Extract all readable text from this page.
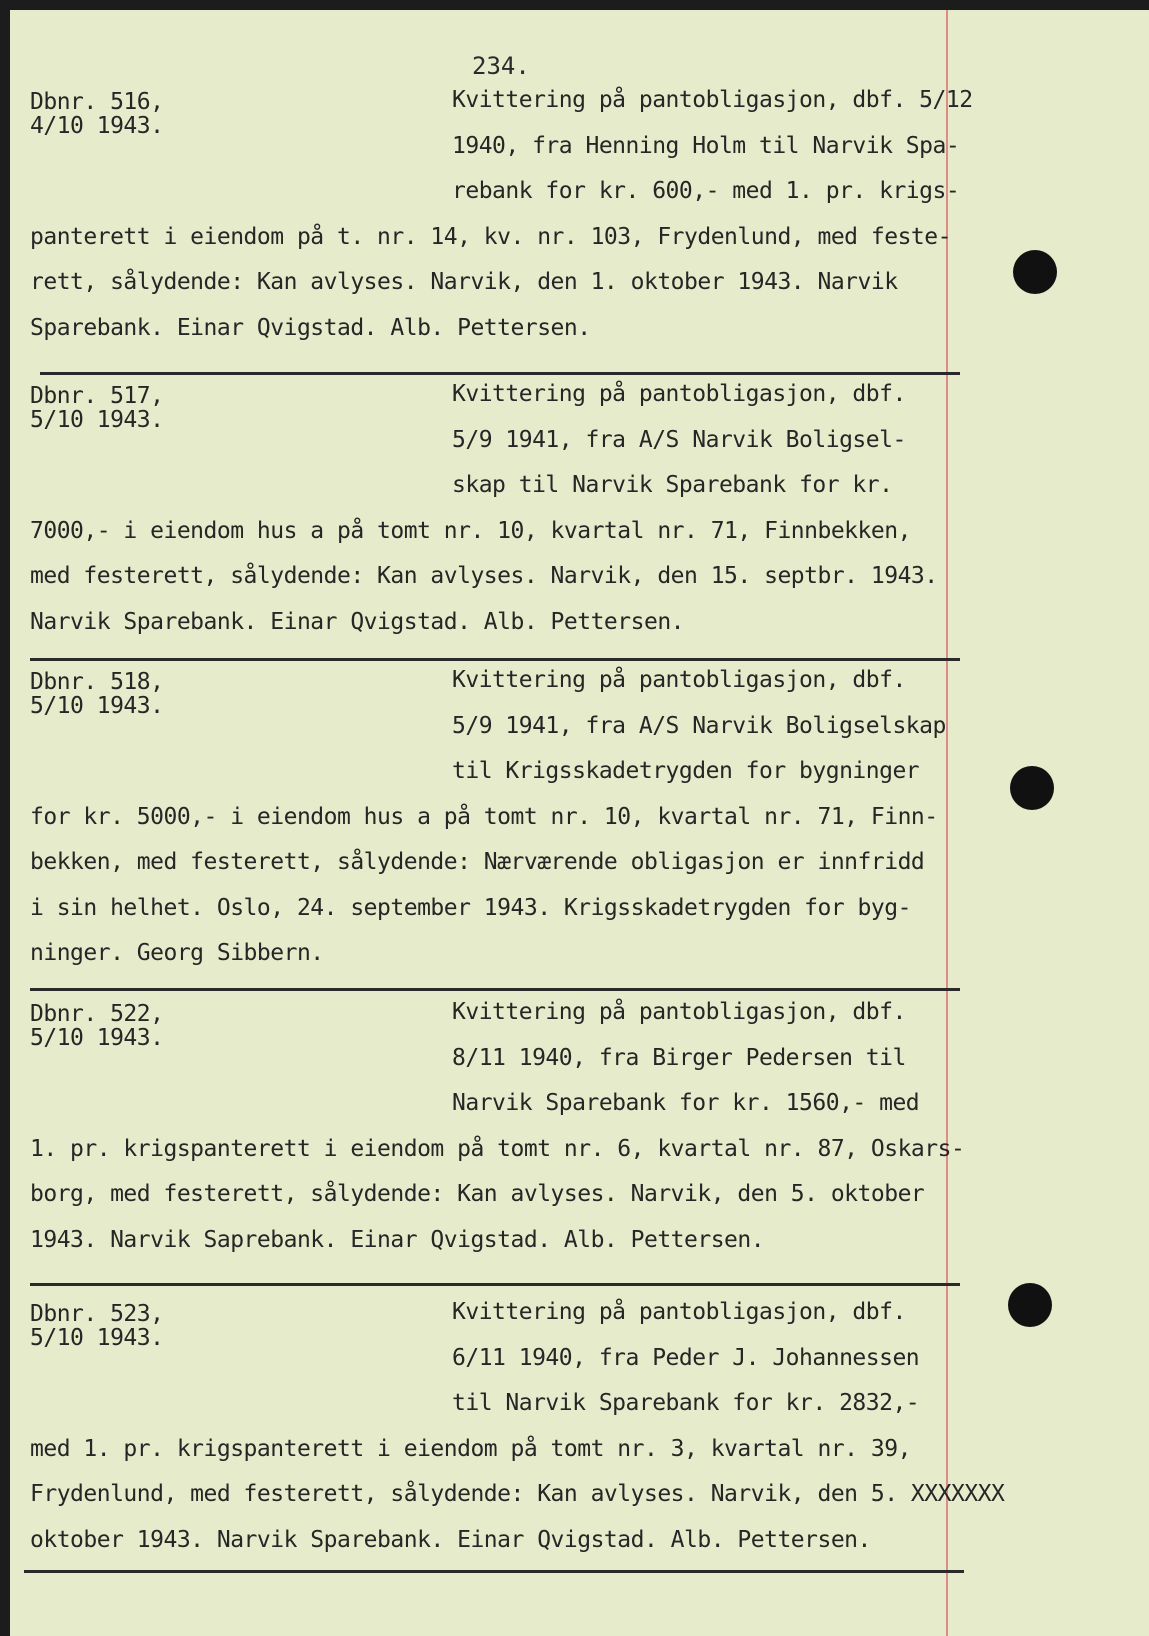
234.
Dbnr. 516,
4/10 1943.
Kvittering på pantobligasjon, dbf. 5/12
1940, fra Henning Holm til Narvik Spa-
rebank for kr. 600,- med 1. pr. krigs-
panterett i eiendom på t. nr. 14, kv. nr. 103, Frydenlund, med feste-
rett, sålydende: Kan avlyses. Narvik, den 1. oktober 1943. Narvik
Sparebank. Einar Qvigstad. Alb. Pettersen.
Dbnr. 517,
5/10 1943.
Kvittering på pantobligasjon, dbf.
5/9 1941, fra A/S Narvik Boligsel-
skap til Narvik Sparebank for kr.
7000,- i eiendom hus a på tomt nr. 10, kvartal nr. 71, Finnbekken,
med festerett, sålydende: Kan avlyses. Narvik, den 15. septbr. 1943.
Narvik Sparebank. Einar Qvigstad. Alb. Pettersen.
Dbnr. 518,
5/10 1943.
Kvittering på pantobligasjon, dbf.
5/9 1941, fra A/S Narvik Boligselskap
til Krigsskadetrygden for bygninger
for kr. 5000,- i eiendom hus a på tomt nr. 10, kvartal nr. 71, Finn-
bekken, med festerett, sålydende: Nærværende obligasjon er innfridd
i sin helhet. Oslo, 24. september 1943. Krigsskadetrygden for byg-
ninger. Georg Sibbern.
Dbnr. 522,
5/10 1943.
Kvittering på pantobligasjon, dbf.
8/11 1940, fra Birger Pedersen til
Narvik Sparebank for kr. 1560,- med
1. pr. krigspanterett i eiendom på tomt nr. 6, kvartal nr. 87, Oskars-
borg, med festerett, sålydende: Kan avlyses. Narvik, den 5. oktober
1943. Narvik Saprebank. Einar Qvigstad. Alb. Pettersen.
Dbnr. 523,
5/10 1943.
Kvittering på pantobligasjon, dbf.
6/11 1940, fra Peder J. Johannessen
til Narvik Sparebank for kr. 2832,-
med 1. pr. krigspanterett i eiendom på tomt nr. 3, kvartal nr. 39,
Frydenlund, med festerett, sålydende: Kan avlyses. Narvik, den 5. XXXXXXX
oktober 1943. Narvik Sparebank. Einar Qvigstad. Alb. Pettersen.
